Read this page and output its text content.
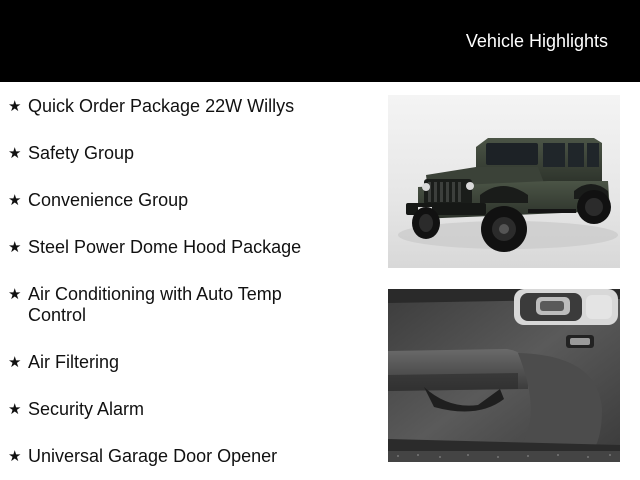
Vehicle Highlights
★ Quick Order Package 22W Willys
★ Safety Group
★ Convenience Group
★ Steel Power Dome Hood Package
★ Air Conditioning with Auto Temp Control
★ Air Filtering
★ Security Alarm
★ Universal Garage Door Opener
